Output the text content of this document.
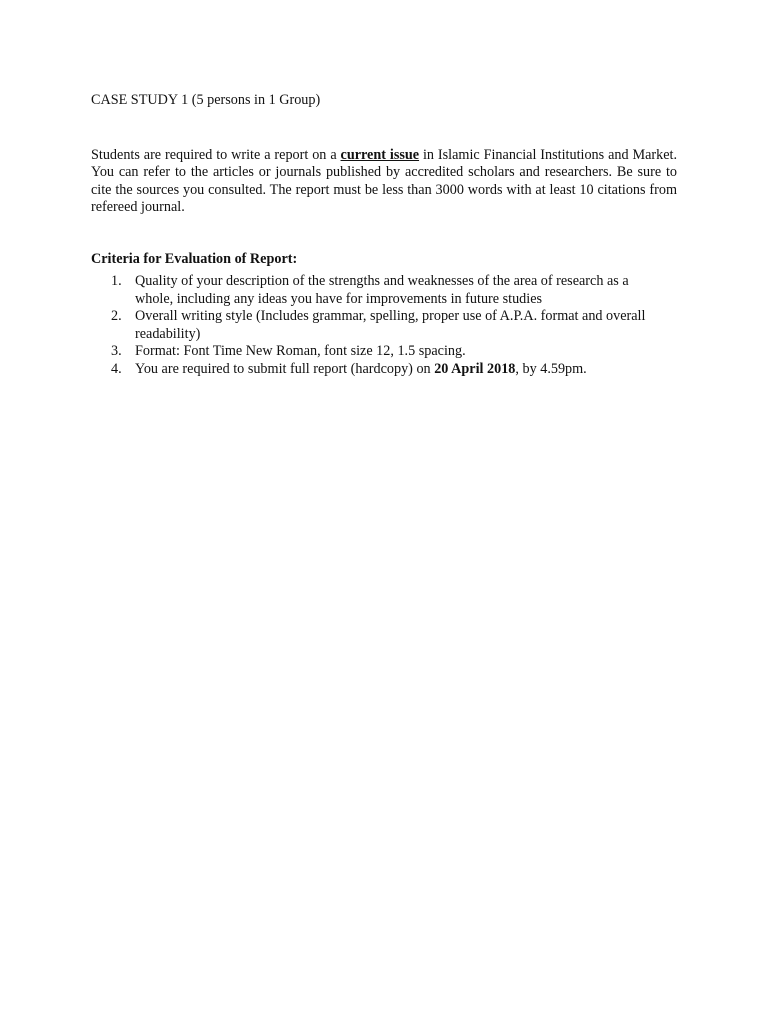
CASE STUDY 1 (5 persons in 1 Group)

Students are required to write a report on a current issue in Islamic Financial Institutions and Market. You can refer to the articles or journals published by accredited scholars and researchers. Be sure to cite the sources you consulted. The report must be less than 3000 words with at least 10 citations from refereed journal.

Criteria for Evaluation of Report:

1. Quality of your description of the strengths and weaknesses of the area of research as a whole, including any ideas you have for improvements in future studies
2. Overall writing style (Includes grammar, spelling, proper use of A.P.A. format and overall readability)
3. Format: Font Time New Roman, font size 12, 1.5 spacing.
4. You are required to submit full report (hardcopy) on 20 April 2018, by 4.59pm.
